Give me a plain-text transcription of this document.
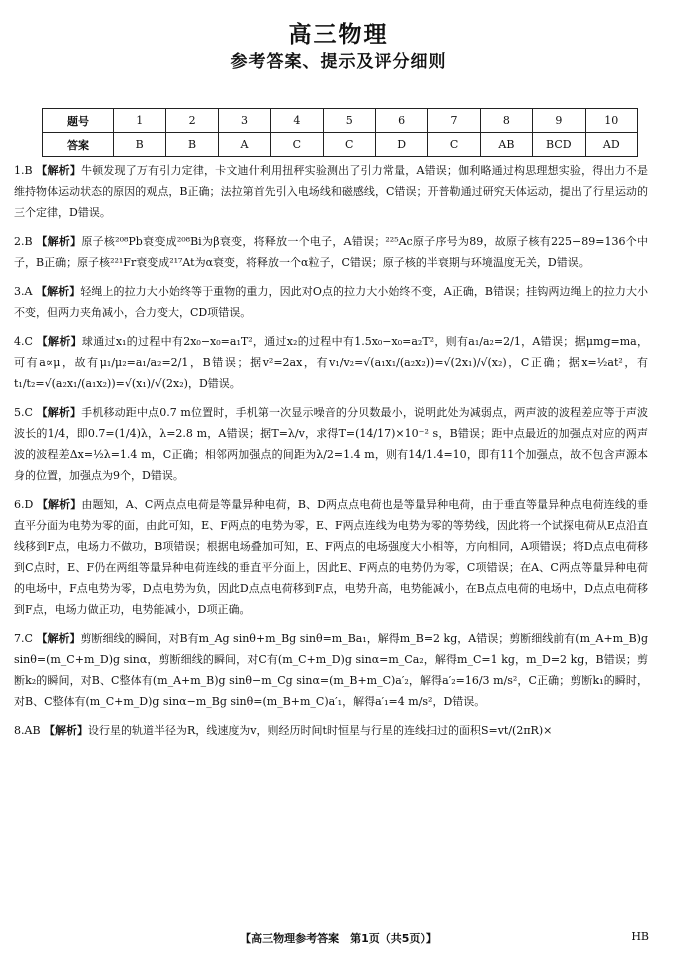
高三物理
参考答案、提示及评分细则
题号	1	2	3	4	5	6	7	8	9	10
答案	B	B	A	C	C	D	C	AB	BCD	AD

1.B 【解析】牛顿发现了万有引力定律，卡文迪什利用扭秤实验测出了引力常量，A错误；伽利略通过构思理想实验，得出力不是维持物体运动状态的原因的观点，B正确；法拉第首先引入电场线和磁感线，C错误；开普勒通过研究天体运动，提出了行星运动的三个定律，D错误。

2.B 【解析】原子核²⁰⁸Pb衰变成²⁰⁸Bi为β衰变，将释放一个电子，A错误；²²⁵Ac原子序号为89，故原子核有225−89=136个中子，B正确；原子核²²¹Fr衰变成²¹⁷At为α衰变，将释放一个α粒子，C错误；原子核的半衰期与环境温度无关，D错误。

3.A 【解析】轻绳上的拉力大小始终等于重物的重力，因此对O点的拉力大小始终不变，A正确，B错误；挂钩两边绳上的拉力大小不变，但两力夹角减小，合力变大，CD项错误。

4.C 【解析】球通过x₁的过程中有2x₀−x₀=a₁T²，通过x₂的过程中有1.5x₀−x₀=a₂T²，则有a₁/a₂=2/1，A错误；据μmg=ma，可有a∝μ，故有μ₁/μ₂=a₁/a₂=2/1，B错误；据v²=2ax，有v₁/v₂=√(a₁x₁/(a₂x₂))=√(2x₁)/√(x₂)，C正确；据x=½at²，有t₁/t₂=√(a₂x₁/(a₁x₂))=√(x₁)/√(2x₂)，D错误。

5.C 【解析】手机移动距中点0.7 m位置时，手机第一次显示噪音的分贝数最小，说明此处为减弱点，两声波的波程差应等于声波波长的1/4，即0.7=(1/4)λ，λ=2.8 m，A错误；据T=λ/v，求得T=(14/17)×10⁻² s，B错误；距中点最近的加强点对应的两声波的波程差Δx=½λ=1.4 m，C正确；相邻两加强点的间距为λ/2=1.4 m，则有14/1.4=10，即有11个加强点，故不包含声源本身的位置，加强点为9个，D错误。

6.D 【解析】由题知，A、C两点点电荷是等量异种电荷，B、D两点点电荷也是等量异种电荷，由于垂直等量异种点电荷连线的垂直平分面为电势为零的面，由此可知，E、F两点的电势为零，E、F两点连线为电势为零的等势线，因此将一个试探电荷从E点沿直线移到F点，电场力不做功，B项错误；根据电场叠加可知，E、F两点的电场强度大小相等，方向相同，A项错误；将D点点电荷移到C点时，E、F仍在两组等量异种电荷连线的垂直平分面上，因此E、F两点的电势仍为零，C项错误；在A、C两点等量异种电荷的电场中，F点电势为零，D点电势为负，因此D点点电荷移到F点，电势升高，电势能减小，在B点点电荷的电场中，D点点电荷移到F点，电场力做正功，电势能减小，D项正确。

7.C 【解析】剪断细线的瞬间，对B有m_Ag sinθ+m_Bg sinθ=m_Ba₁，解得m_B=2 kg，A错误；剪断细线前有(m_A+m_B)g sinθ=(m_C+m_D)g sinα，剪断细线的瞬间，对C有(m_C+m_D)g sinα=m_Ca₂，解得m_C=1 kg，m_D=2 kg，B错误；剪断k₂的瞬间，对B、C整体有(m_A+m_B)g sinθ−m_Cg sinα=(m_B+m_C)a′₂，解得a′₂=16/3 m/s²，C正确；剪断k₁的瞬时，对B、C整体有(m_C+m_D)g sinα−m_Bg sinθ=(m_B+m_C)a′₁，解得a′₁=4 m/s²，D错误。

8.AB 【解析】设行星的轨道半径为R，线速度为v，则经历时间t时恒星与行星的连线扫过的面积S=vt/(2πR)×

【高三物理参考答案　第1页（共5页）】	HB
